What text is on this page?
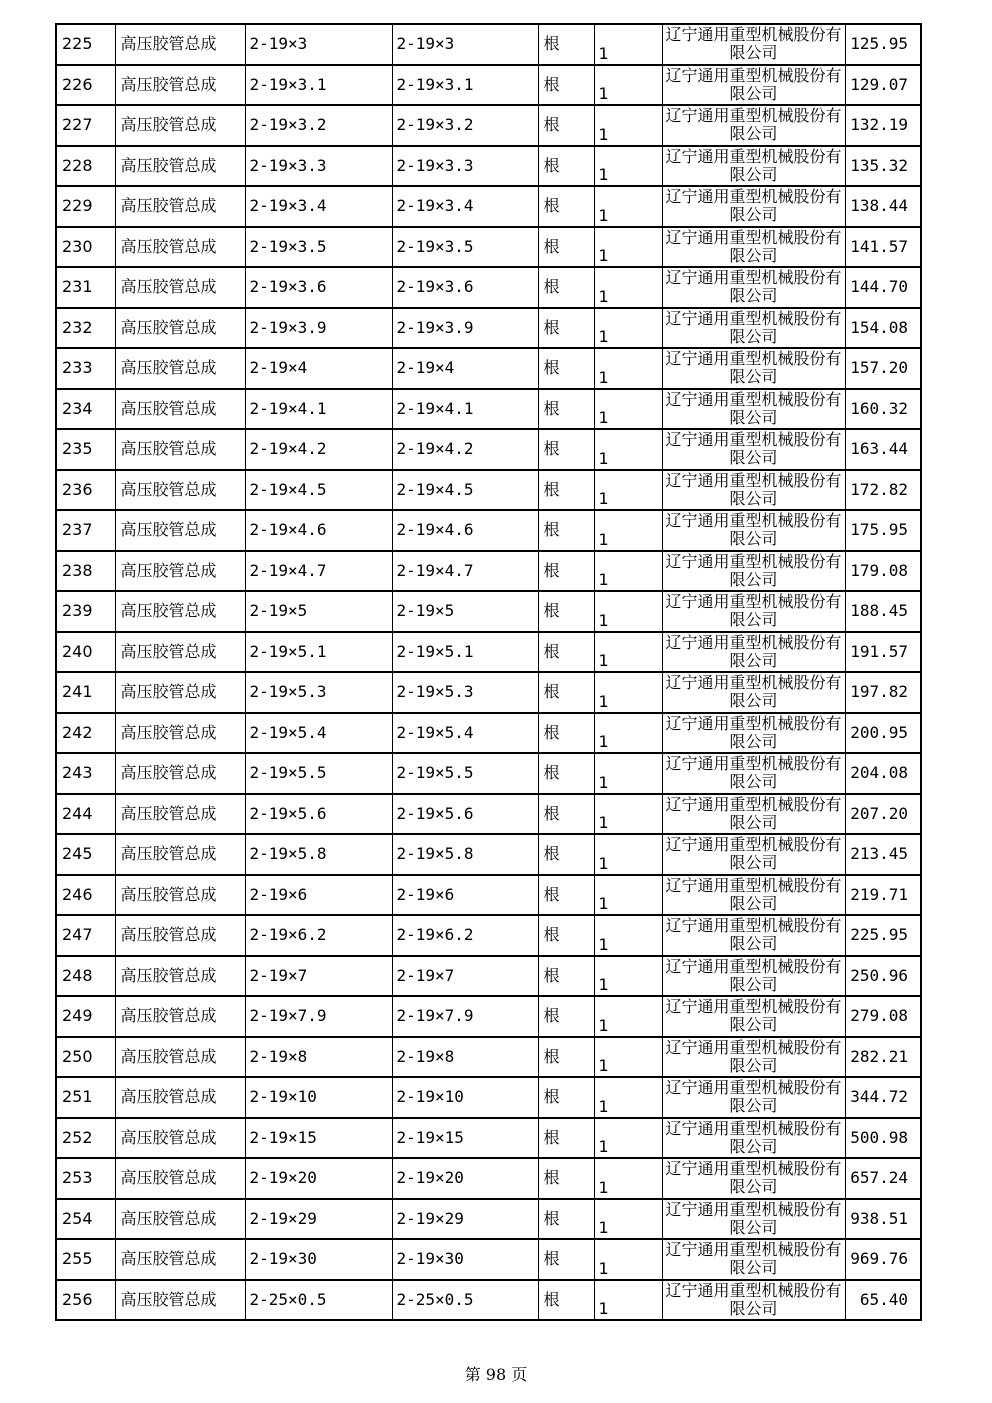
225	高压胶管总成	2-19×3	2-19×3	根	1	辽宁通用重型机械股份有限公司	125.95
226	高压胶管总成	2-19×3.1	2-19×3.1	根	1	辽宁通用重型机械股份有限公司	129.07
227	高压胶管总成	2-19×3.2	2-19×3.2	根	1	辽宁通用重型机械股份有限公司	132.19
228	高压胶管总成	2-19×3.3	2-19×3.3	根	1	辽宁通用重型机械股份有限公司	135.32
229	高压胶管总成	2-19×3.4	2-19×3.4	根	1	辽宁通用重型机械股份有限公司	138.44
230	高压胶管总成	2-19×3.5	2-19×3.5	根	1	辽宁通用重型机械股份有限公司	141.57
231	高压胶管总成	2-19×3.6	2-19×3.6	根	1	辽宁通用重型机械股份有限公司	144.70
232	高压胶管总成	2-19×3.9	2-19×3.9	根	1	辽宁通用重型机械股份有限公司	154.08
233	高压胶管总成	2-19×4	2-19×4	根	1	辽宁通用重型机械股份有限公司	157.20
234	高压胶管总成	2-19×4.1	2-19×4.1	根	1	辽宁通用重型机械股份有限公司	160.32
235	高压胶管总成	2-19×4.2	2-19×4.2	根	1	辽宁通用重型机械股份有限公司	163.44
236	高压胶管总成	2-19×4.5	2-19×4.5	根	1	辽宁通用重型机械股份有限公司	172.82
237	高压胶管总成	2-19×4.6	2-19×4.6	根	1	辽宁通用重型机械股份有限公司	175.95
238	高压胶管总成	2-19×4.7	2-19×4.7	根	1	辽宁通用重型机械股份有限公司	179.08
239	高压胶管总成	2-19×5	2-19×5	根	1	辽宁通用重型机械股份有限公司	188.45
240	高压胶管总成	2-19×5.1	2-19×5.1	根	1	辽宁通用重型机械股份有限公司	191.57
241	高压胶管总成	2-19×5.3	2-19×5.3	根	1	辽宁通用重型机械股份有限公司	197.82
242	高压胶管总成	2-19×5.4	2-19×5.4	根	1	辽宁通用重型机械股份有限公司	200.95
243	高压胶管总成	2-19×5.5	2-19×5.5	根	1	辽宁通用重型机械股份有限公司	204.08
244	高压胶管总成	2-19×5.6	2-19×5.6	根	1	辽宁通用重型机械股份有限公司	207.20
245	高压胶管总成	2-19×5.8	2-19×5.8	根	1	辽宁通用重型机械股份有限公司	213.45
246	高压胶管总成	2-19×6	2-19×6	根	1	辽宁通用重型机械股份有限公司	219.71
247	高压胶管总成	2-19×6.2	2-19×6.2	根	1	辽宁通用重型机械股份有限公司	225.95
248	高压胶管总成	2-19×7	2-19×7	根	1	辽宁通用重型机械股份有限公司	250.96
249	高压胶管总成	2-19×7.9	2-19×7.9	根	1	辽宁通用重型机械股份有限公司	279.08
250	高压胶管总成	2-19×8	2-19×8	根	1	辽宁通用重型机械股份有限公司	282.21
251	高压胶管总成	2-19×10	2-19×10	根	1	辽宁通用重型机械股份有限公司	344.72
252	高压胶管总成	2-19×15	2-19×15	根	1	辽宁通用重型机械股份有限公司	500.98
253	高压胶管总成	2-19×20	2-19×20	根	1	辽宁通用重型机械股份有限公司	657.24
254	高压胶管总成	2-19×29	2-19×29	根	1	辽宁通用重型机械股份有限公司	938.51
255	高压胶管总成	2-19×30	2-19×30	根	1	辽宁通用重型机械股份有限公司	969.76
256	高压胶管总成	2-25×0.5	2-25×0.5	根	1	辽宁通用重型机械股份有限公司	65.40
第 98 页
